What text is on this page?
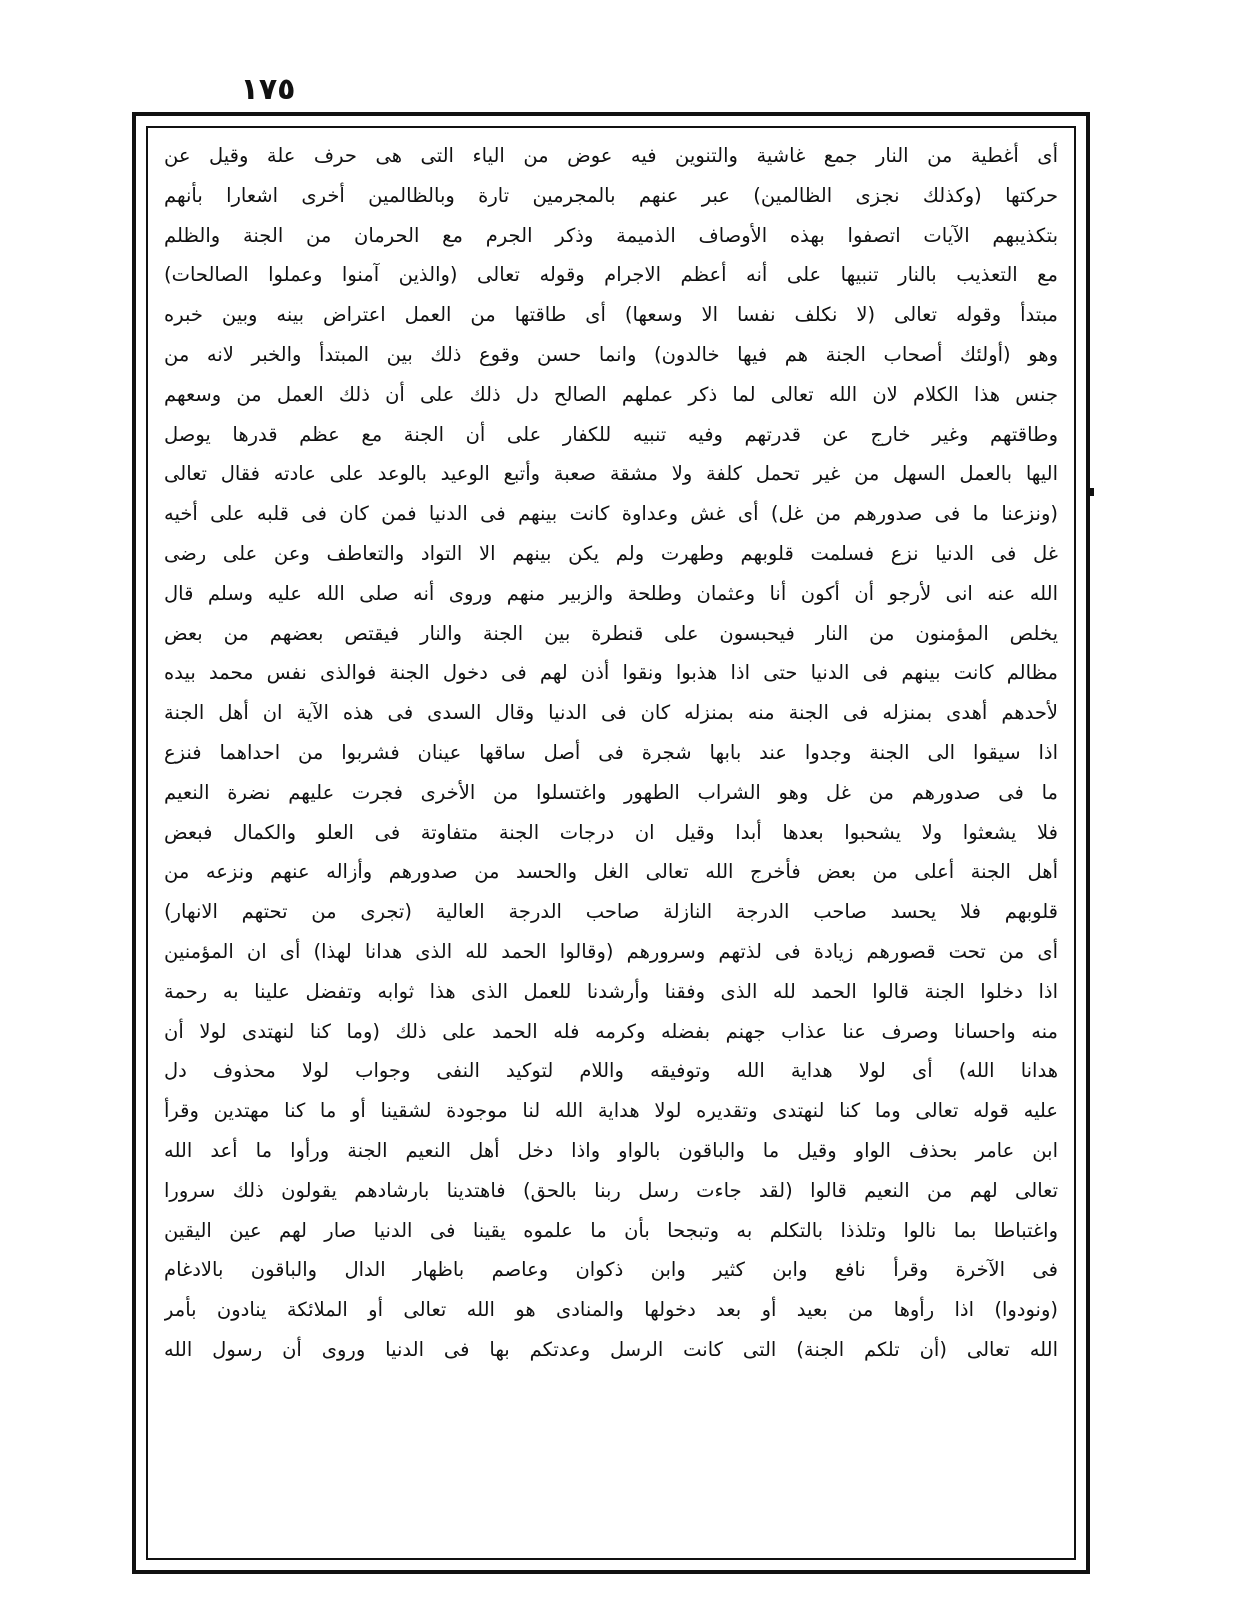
١٧٥
أى أغطية من النار جمع غاشية والتنوين فيه عوض من الياء التى هى حرف علة وقيل عن
حركتها (وكذلك نجزى الظالمين) عبر عنهم بالمجرمين تارة وبالظالمين أخرى اشعارا بأنهم
بتكذيبهم الآيات اتصفوا بهذه الأوصاف الذميمة وذكر الجرم مع الحرمان من الجنة والظلم
مع التعذيب بالنار تنبيها على أنه أعظم الاجرام وقوله تعالى (والذين آمنوا وعملوا الصالحات)
مبتدأ وقوله تعالى (لا نكلف نفسا الا وسعها) أى طاقتها من العمل اعتراض بينه وبين خبره
وهو (أولئك أصحاب الجنة هم فيها خالدون) وانما حسن وقوع ذلك بين المبتدأ والخبر لانه من
جنس هذا الكلام لان الله تعالى لما ذكر عملهم الصالح دل ذلك على أن ذلك العمل من وسعهم
وطاقتهم وغير خارج عن قدرتهم وفيه تنبيه للكفار على أن الجنة مع عظم قدرها يوصل
اليها بالعمل السهل من غير تحمل كلفة ولا مشقة صعبة وأتبع الوعيد بالوعد على عادته فقال تعالى
(ونزعنا ما فى صدورهم من غل) أى غش وعداوة كانت بينهم فى الدنيا فمن كان فى قلبه على أخيه
غل فى الدنيا نزع فسلمت قلوبهم وطهرت ولم يكن بينهم الا التواد والتعاطف وعن على رضى
الله عنه انى لأرجو أن أكون أنا وعثمان وطلحة والزبير منهم وروى أنه صلى الله عليه وسلم قال
يخلص المؤمنون من النار فيحبسون على قنطرة بين الجنة والنار فيقتص بعضهم من بعض
مظالم كانت بينهم فى الدنيا حتى اذا هذبوا ونقوا أذن لهم فى دخول الجنة فوالذى نفس محمد بيده
لأحدهم أهدى بمنزله فى الجنة منه بمنزله كان فى الدنيا وقال السدى فى هذه الآية ان أهل الجنة
اذا سيقوا الى الجنة وجدوا عند بابها شجرة فى أصل ساقها عينان فشربوا من احداهما فنزع
ما فى صدورهم من غل وهو الشراب الطهور واغتسلوا من الأخرى فجرت عليهم نضرة النعيم
فلا يشعثوا ولا يشحبوا بعدها أبدا وقيل ان درجات الجنة متفاوتة فى العلو والكمال فبعض
أهل الجنة أعلى من بعض فأخرج الله تعالى الغل والحسد من صدورهم وأزاله عنهم ونزعه من
قلوبهم فلا يحسد صاحب الدرجة النازلة صاحب الدرجة العالية (تجرى من تحتهم الانهار)
أى من تحت قصورهم زيادة فى لذتهم وسرورهم (وقالوا الحمد لله الذى هدانا لهذا) أى ان المؤمنين
اذا دخلوا الجنة قالوا الحمد لله الذى وفقنا وأرشدنا للعمل الذى هذا ثوابه وتفضل علينا به رحمة
منه واحسانا وصرف عنا عذاب جهنم بفضله وكرمه فله الحمد على ذلك (وما كنا لنهتدى لولا أن
هدانا الله) أى لولا هداية الله وتوفيقه واللام لتوكيد النفى وجواب لولا محذوف دل
عليه قوله تعالى وما كنا لنهتدى وتقديره لولا هداية الله لنا موجودة لشقينا أو ما كنا مهتدين وقرأ
ابن عامر بحذف الواو وقيل ما والباقون بالواو واذا دخل أهل النعيم الجنة ورأوا ما أعد الله
تعالى لهم من النعيم قالوا (لقد جاءت رسل ربنا بالحق) فاهتدينا بارشادهم يقولون ذلك سرورا
واغتباطا بما نالوا وتلذذا بالتكلم به وتبجحا بأن ما علموه يقينا فى الدنيا صار لهم عين اليقين
فى الآخرة وقرأ نافع وابن كثير وابن ذكوان وعاصم باظهار الدال والباقون بالادغام
(ونودوا) اذا رأوها من بعيد أو بعد دخولها والمنادى هو الله تعالى أو الملائكة ينادون بأمر
الله تعالى (أن تلكم الجنة) التى كانت الرسل وعدتكم بها فى الدنيا وروى أن رسول الله
